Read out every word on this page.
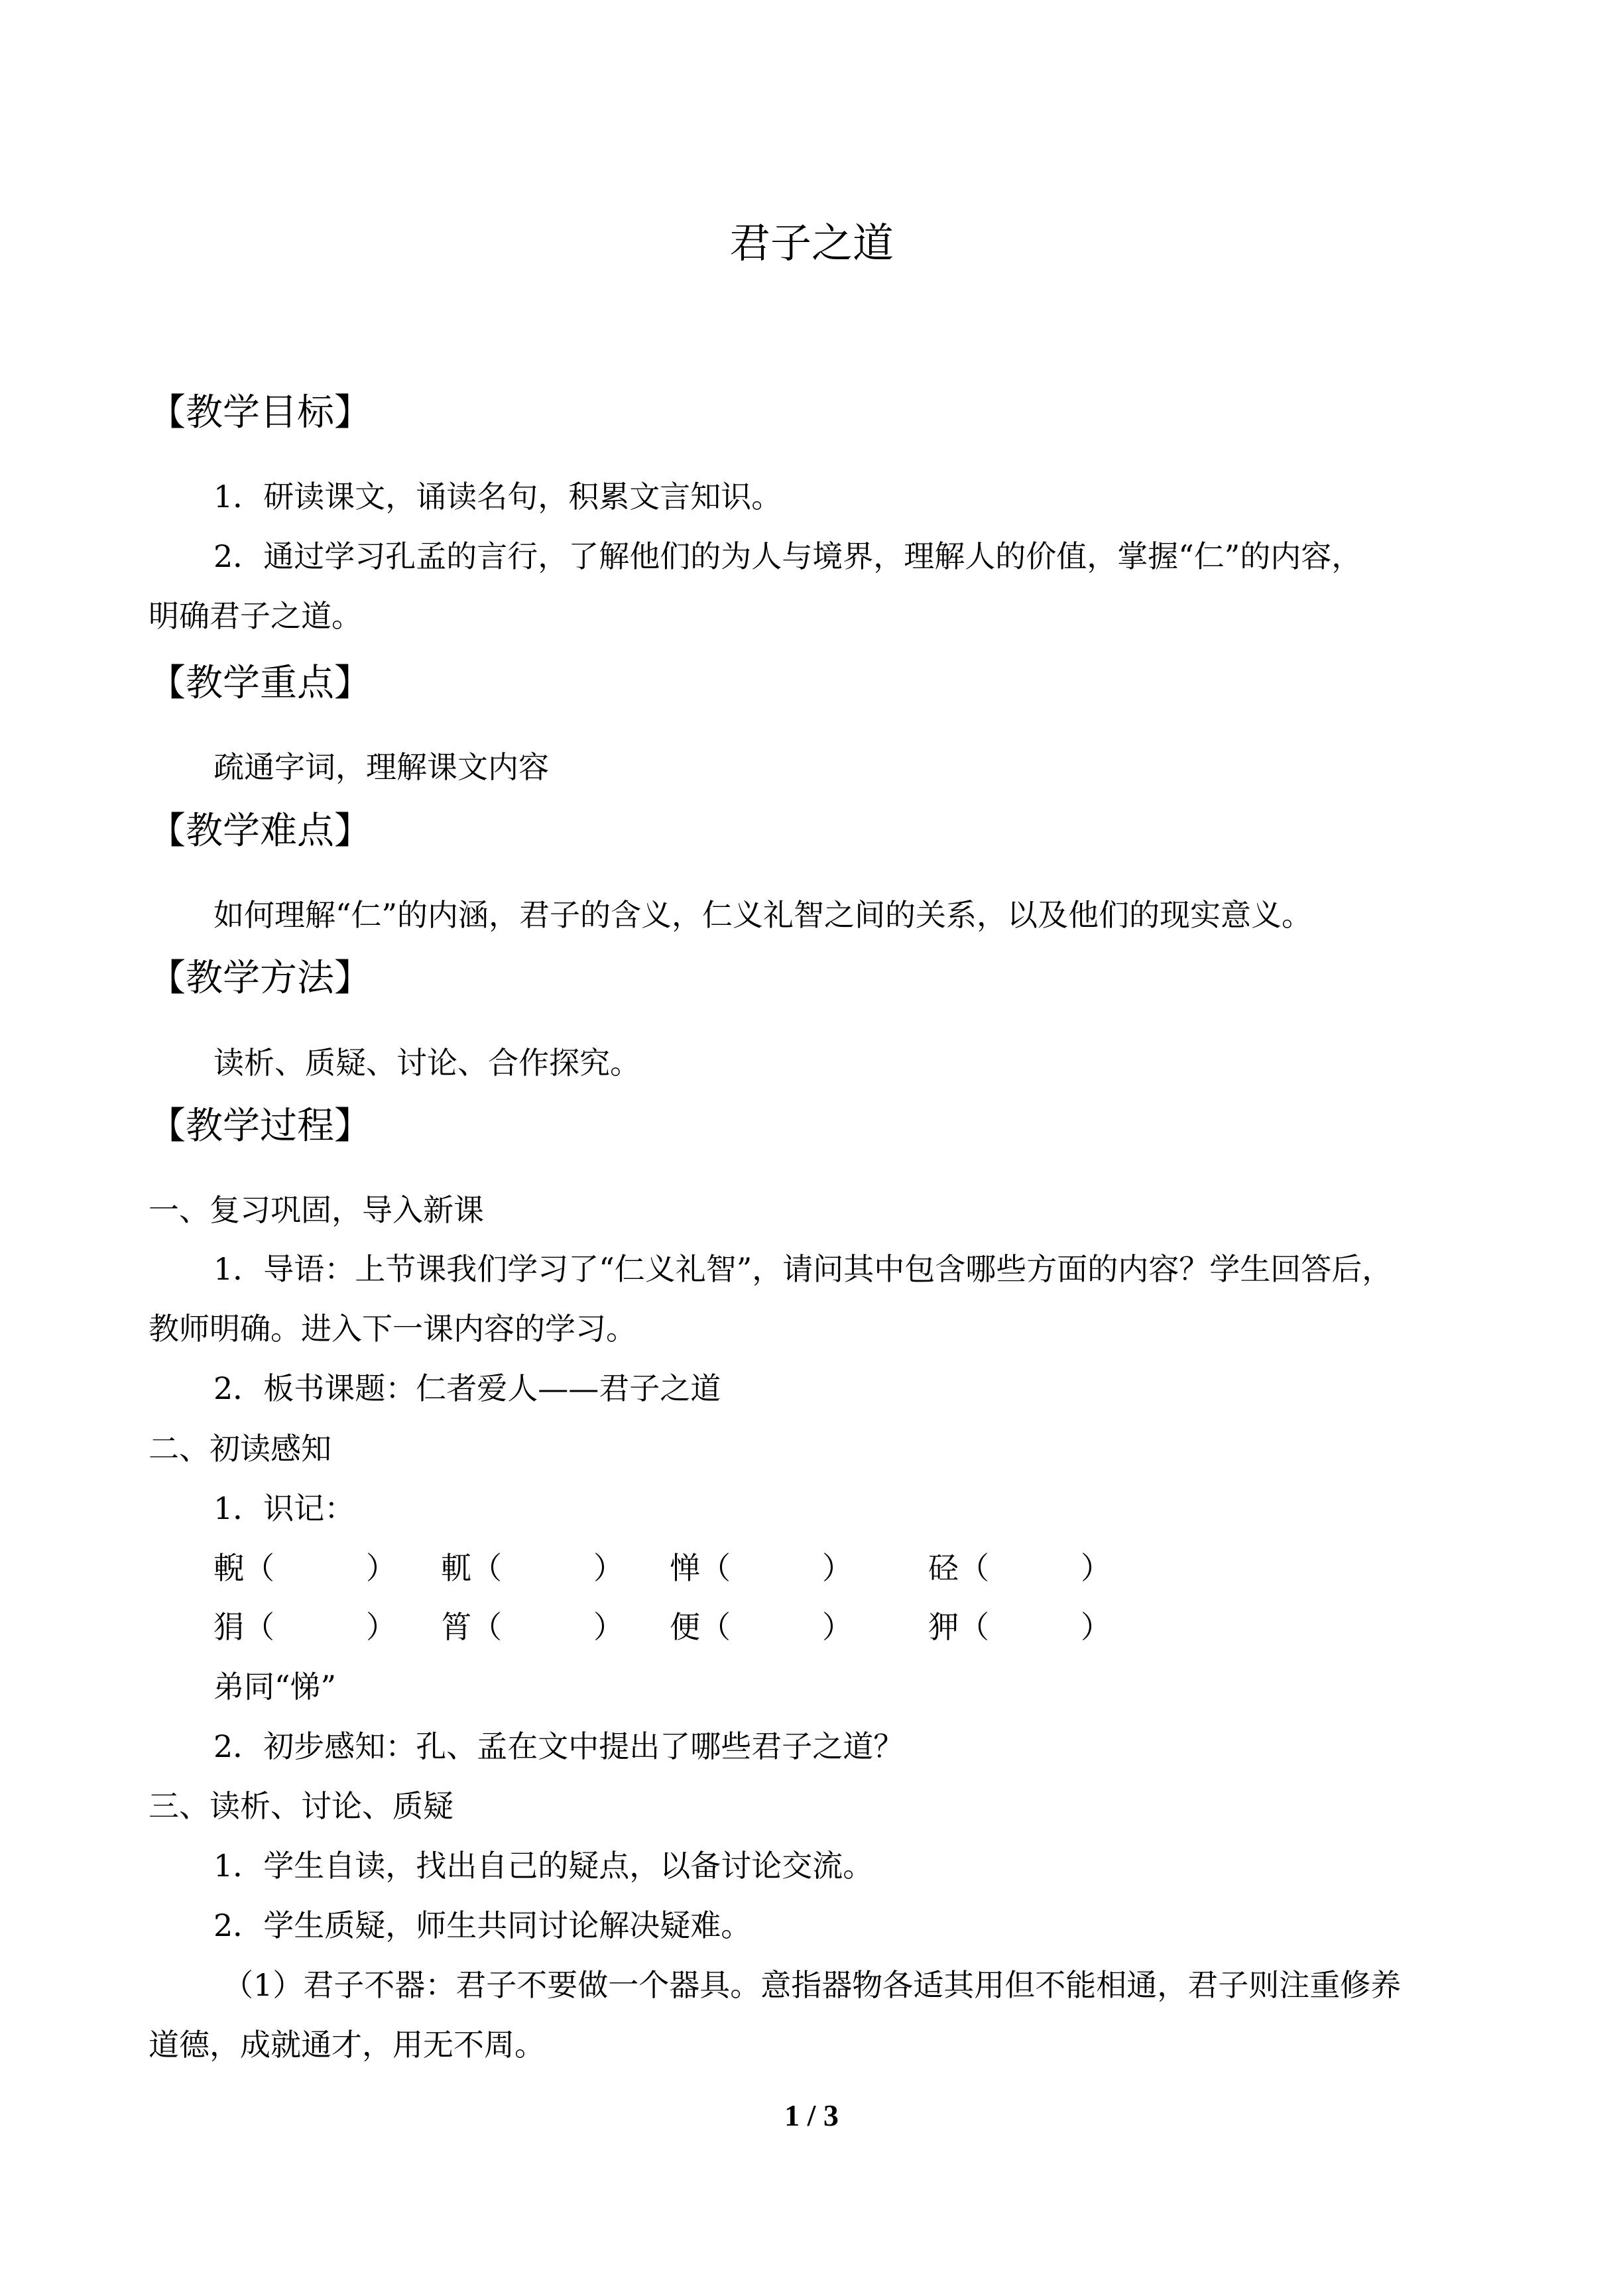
君子之道
【教学目标】
1．研读课文，诵读名句，积累文言知识。
2．通过学习孔孟的言行，了解他们的为人与境界，理解人的价值，掌握“仁”的内容，
明确君子之道。
【教学重点】
疏通字词，理解课文内容
【教学难点】
如何理解“仁”的内涵，君子的含义，仁义礼智之间的关系，以及他们的现实意义。
【教学方法】
读析、质疑、讨论、合作探究。
【教学过程】
一、复习巩固，导入新课
1．导语：上节课我们学习了“仁义礼智”，请问其中包含哪些方面的内容？学生回答后，
教师明确。进入下一课内容的学习。
2．板书课题：仁者爱人——君子之道
二、初读感知
1．识记：
輗（　　　） 軏（　　　） 惮（　　　） 硁（　　　）
狷（　　　） 筲（　　　） 便（　　　） 狎（　　　）
弟同“悌”
2．初步感知：孔、孟在文中提出了哪些君子之道？
三、读析、讨论、质疑
1．学生自读，找出自己的疑点，以备讨论交流。
2．学生质疑，师生共同讨论解决疑难。
（1）君子不器：君子不要做一个器具。意指器物各适其用但不能相通，君子则注重修养
道德，成就通才，用无不周。
1 / 3
